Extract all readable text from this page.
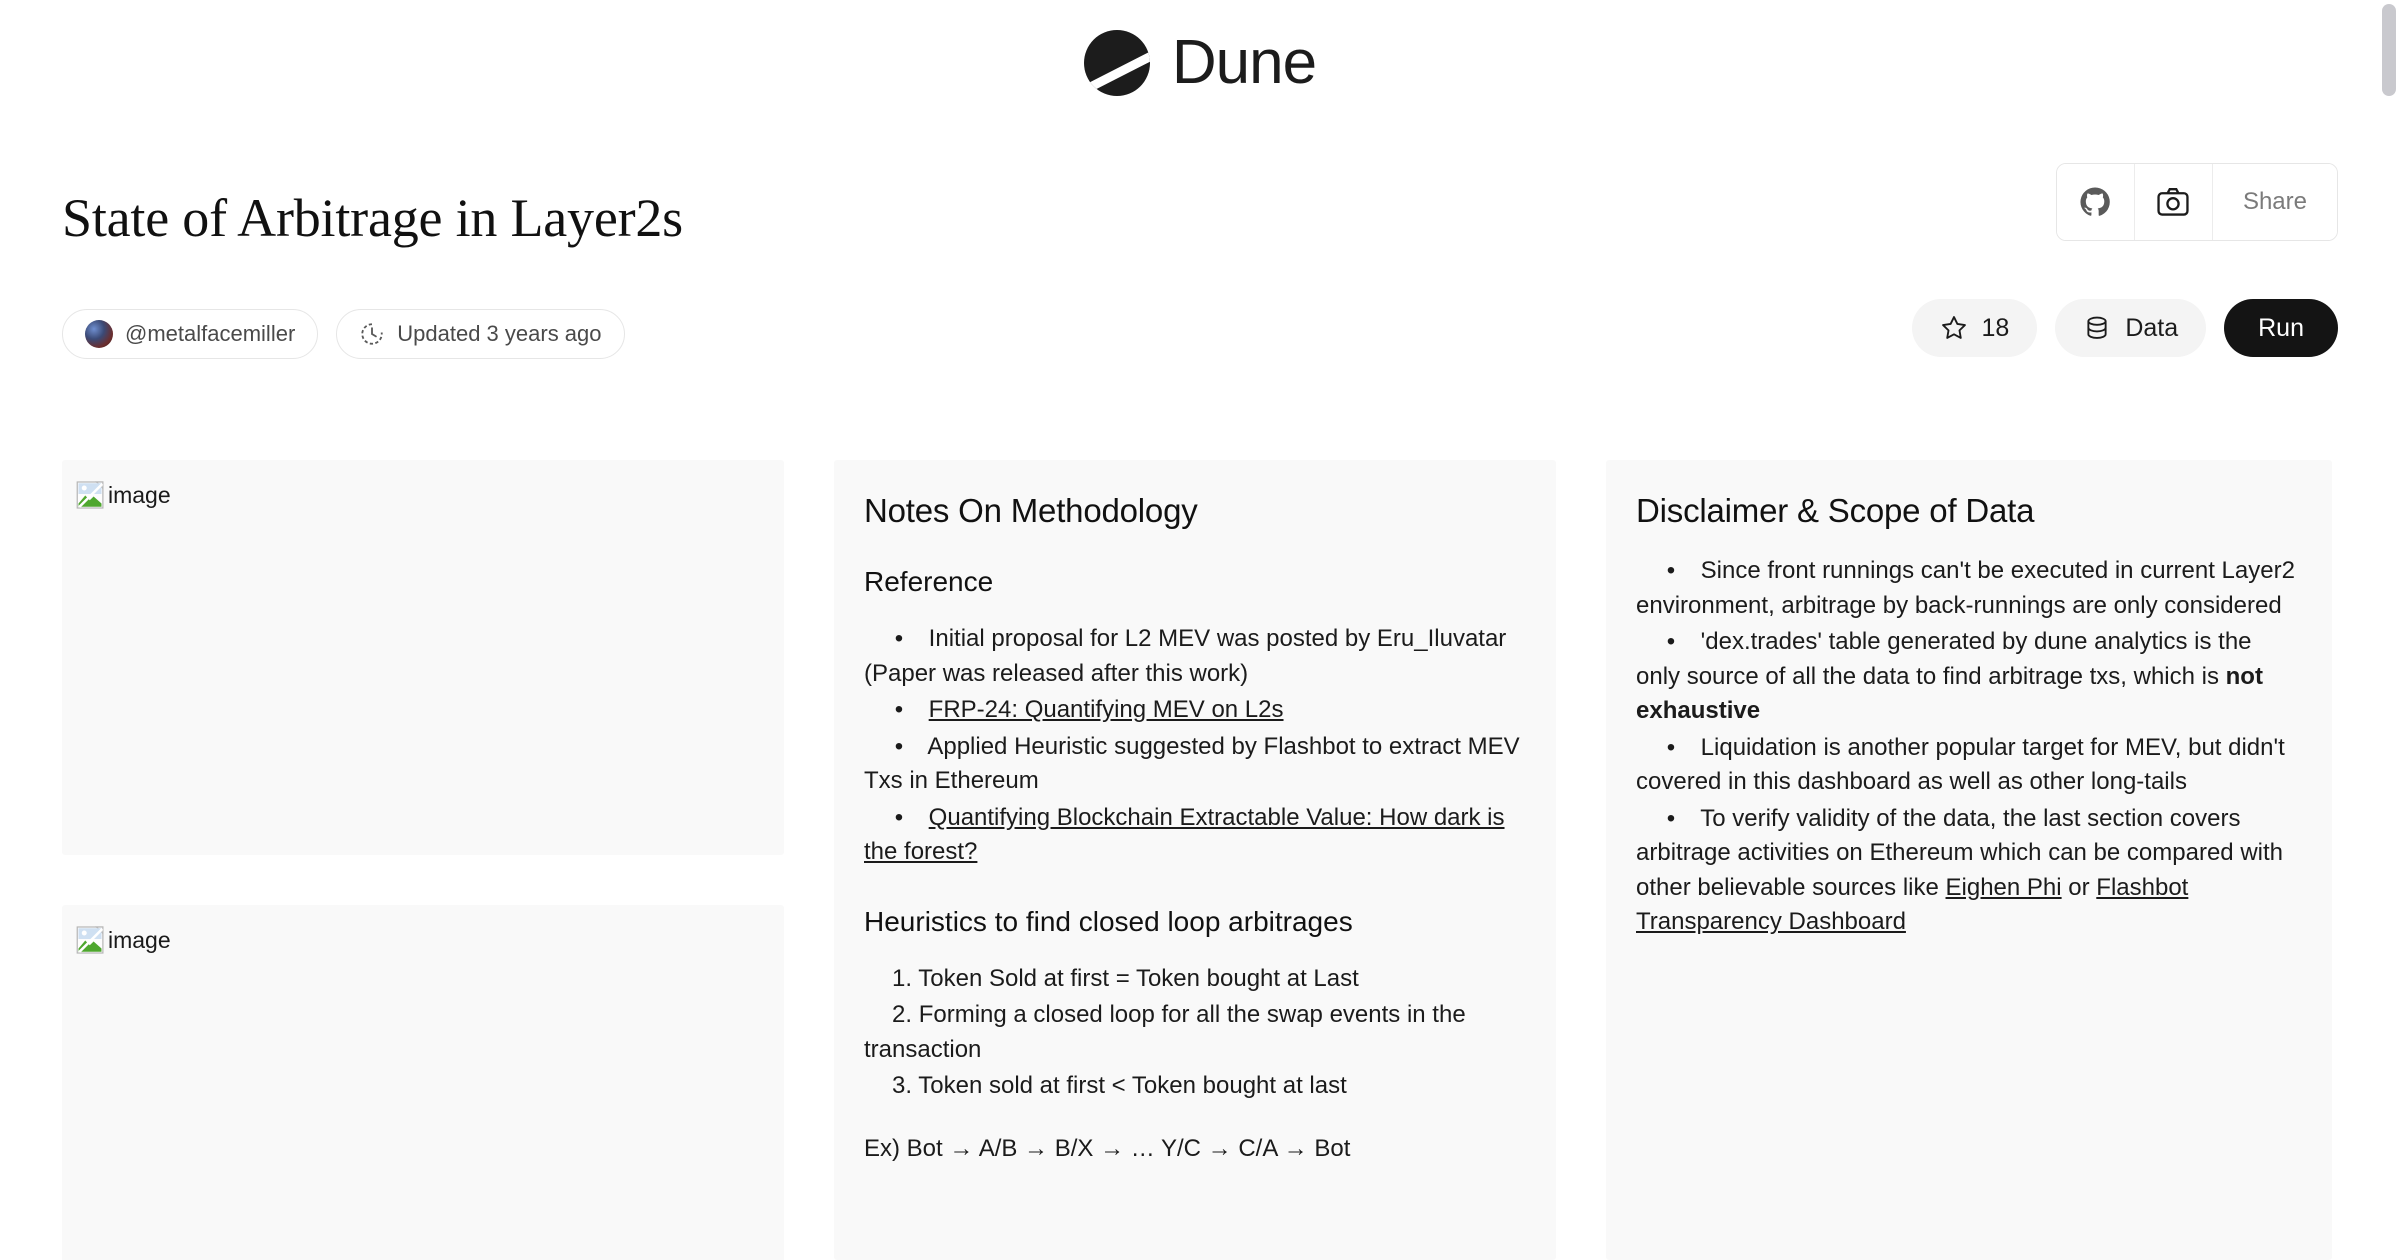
Dune
State of Arbitrage in Layer2s
@metalfacemiller	Updated 3 years ago
Share
18	Data	Run
image
image
Notes On Methodology
Reference
• Initial proposal for L2 MEV was posted by Eru_Iluvatar (Paper was released after this work)
• FRP-24: Quantifying MEV on L2s
• Applied Heuristic suggested by Flashbot to extract MEV Txs in Ethereum
• Quantifying Blockchain Extractable Value: How dark is the forest?
Heuristics to find closed loop arbitrages
Token Sold at first = Token bought at Last
Forming a closed loop for all the swap events in the transaction
Token sold at first < Token bought at last
Ex) Bot → A/B → B/X → … Y/C → C/A → Bot
Disclaimer & Scope of Data
• Since front runnings can't be executed in current Layer2 environment, arbitrage by back-runnings are only considered
• 'dex.trades' table generated by dune analytics is the only source of all the data to find arbitrage txs, which is not exhaustive
• Liquidation is another popular target for MEV, but didn't covered in this dashboard as well as other long-tails
• To verify validity of the data, the last section covers arbitrage activities on Ethereum which can be compared with other believable sources like Eighen Phi or Flashbot Transparency Dashboard
